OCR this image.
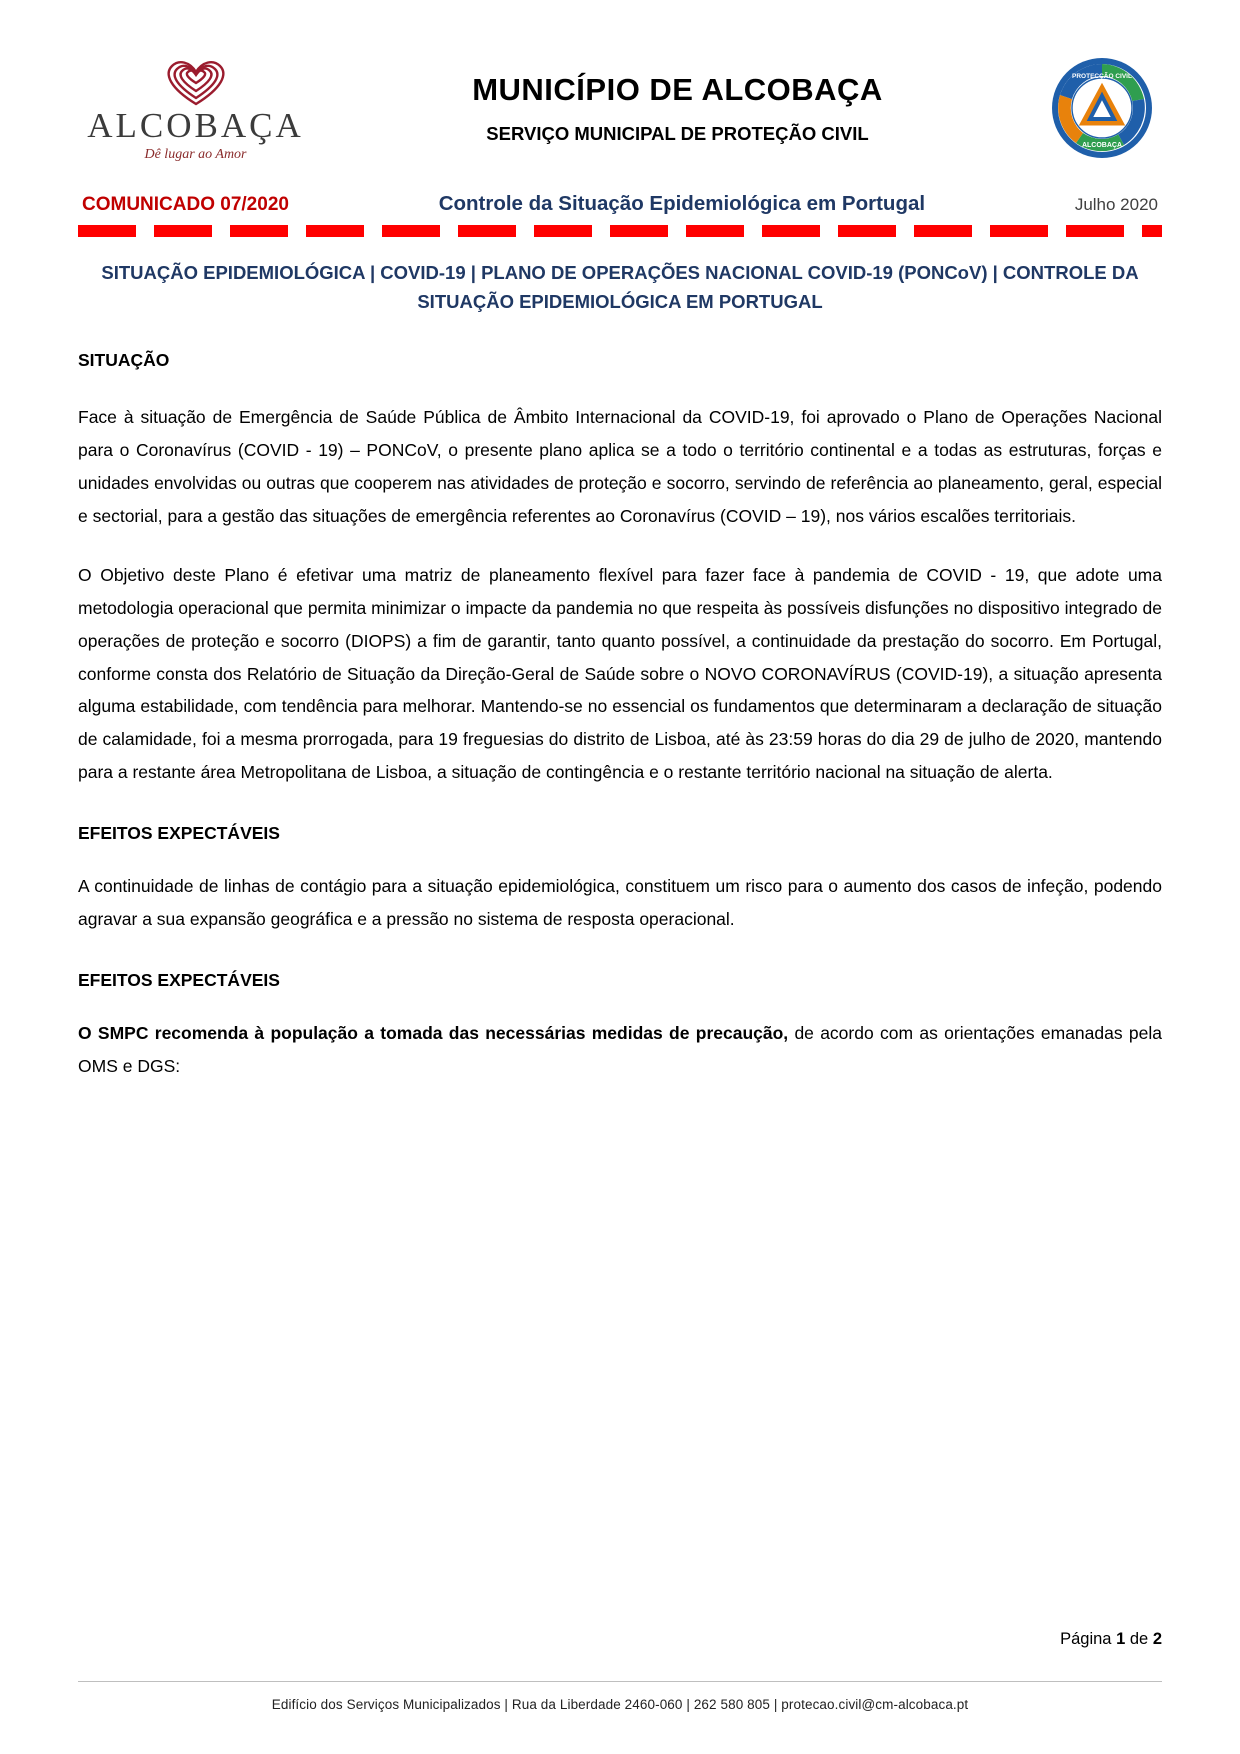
ALCOBAÇA
Dê lugar ao Amor
MUNICÍPIO DE ALCOBAÇA
SERVIÇO MUNICIPAL DE PROTEÇÃO CIVIL
PROTECÇÃO CIVIL
ALCOBAÇA
COMUNICADO 07/2020	Controle da Situação Epidemiológica em Portugal	Julho 2020
SITUAÇÃO EPIDEMIOLÓGICA | COVID-19 | PLANO DE OPERAÇÕES NACIONAL COVID-19 (PONCoV) | CONTROLE DA SITUAÇÃO EPIDEMIOLÓGICA EM PORTUGAL
SITUAÇÃO

Face à situação de Emergência de Saúde Pública de Âmbito Internacional da COVID-19, foi aprovado o Plano de Operações Nacional para o Coronavírus (COVID - 19) – PONCoV, o presente plano aplica se a todo o território continental e a todas as estruturas, forças e unidades envolvidas ou outras que cooperem nas atividades de proteção e socorro, servindo de referência ao planeamento, geral, especial e sectorial, para a gestão das situações de emergência referentes ao Coronavírus (COVID – 19), nos vários escalões territoriais.

O Objetivo deste Plano é efetivar uma matriz de planeamento flexível para fazer face à pandemia de COVID - 19, que adote uma metodologia operacional que permita minimizar o impacte da pandemia no que respeita às possíveis disfunções no dispositivo integrado de operações de proteção e socorro (DIOPS) a fim de garantir, tanto quanto possível, a continuidade da prestação do socorro. Em Portugal, conforme consta dos Relatório de Situação da Direção-Geral de Saúde sobre o NOVO CORONAVÍRUS (COVID-19), a situação apresenta alguma estabilidade, com tendência para melhorar. Mantendo-se no essencial os fundamentos que determinaram a declaração de situação de calamidade, foi a mesma prorrogada, para 19 freguesias do distrito de Lisboa, até às 23:59 horas do dia 29 de julho de 2020, mantendo para a restante área Metropolitana de Lisboa, a situação de contingência e o restante território nacional na situação de alerta.

EFEITOS EXPECTÁVEIS

A continuidade de linhas de contágio para a situação epidemiológica, constituem um risco para o aumento dos casos de infeção, podendo agravar a sua expansão geográfica e a pressão no sistema de resposta operacional.

EFEITOS EXPECTÁVEIS

O SMPC recomenda à população a tomada das necessárias medidas de precaução, de acordo com as orientações emanadas pela OMS e DGS:

Página 1 de 2
Edifício dos Serviços Municipalizados | Rua da Liberdade 2460-060 | 262 580 805 | protecao.civil@cm-alcobaca.pt
